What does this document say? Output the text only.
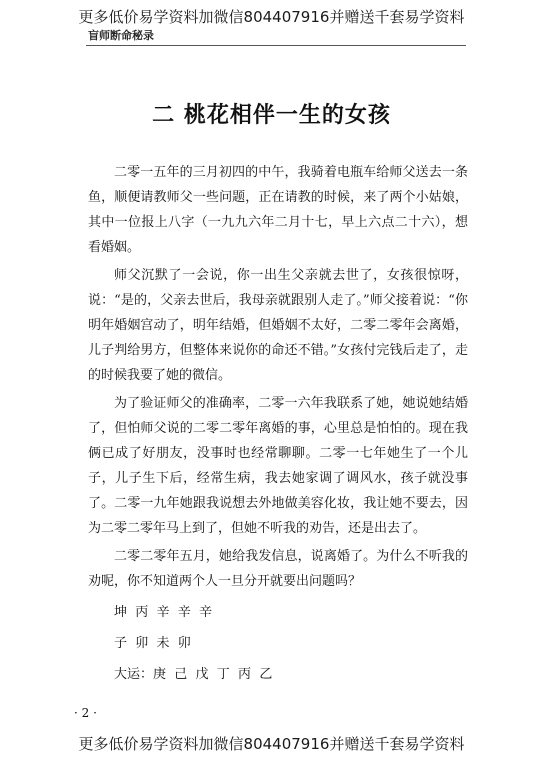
更多低价易学资料加微信804407916并赠送千套易学资料
盲师断命秘录
二 桃花相伴一生的女孩

二零一五年的三月初四的中午，我骑着电瓶车给师父送去一条鱼，顺便请教师父一些问题，正在请教的时候，来了两个小姑娘，其中一位报上八字（一九九六年二月十七，早上六点二十六），想看婚姻。

师父沉默了一会说，你一出生父亲就去世了，女孩很惊呀，说：“是的，父亲去世后，我母亲就跟别人走了。”师父接着说：“你明年婚姻宫动了，明年结婚，但婚姻不太好，二零二零年会离婚，儿子判给男方，但整体来说你的命还不错。”女孩付完钱后走了，走的时候我要了她的微信。

为了验证师父的准确率，二零一六年我联系了她，她说她结婚了，但怕师父说的二零二零年离婚的事，心里总是怕怕的。现在我俩已成了好朋友，没事时也经常聊聊。二零一七年她生了一个儿子，儿子生下后，经常生病，我去她家调了调风水，孩子就没事了。二零一九年她跟我说想去外地做美容化妆，我让她不要去，因为二零二零年马上到了，但她不听我的劝告，还是出去了。

二零二零年五月，她给我发信息，说离婚了。为什么不听我的劝呢，你不知道两个人一旦分开就要出问题吗？

坤  丙  辛  辛  辛
子  卯  未  卯
大运：庚  己  戊  丁  丙  乙
· 2 ·
更多低价易学资料加微信804407916并赠送千套易学资料
